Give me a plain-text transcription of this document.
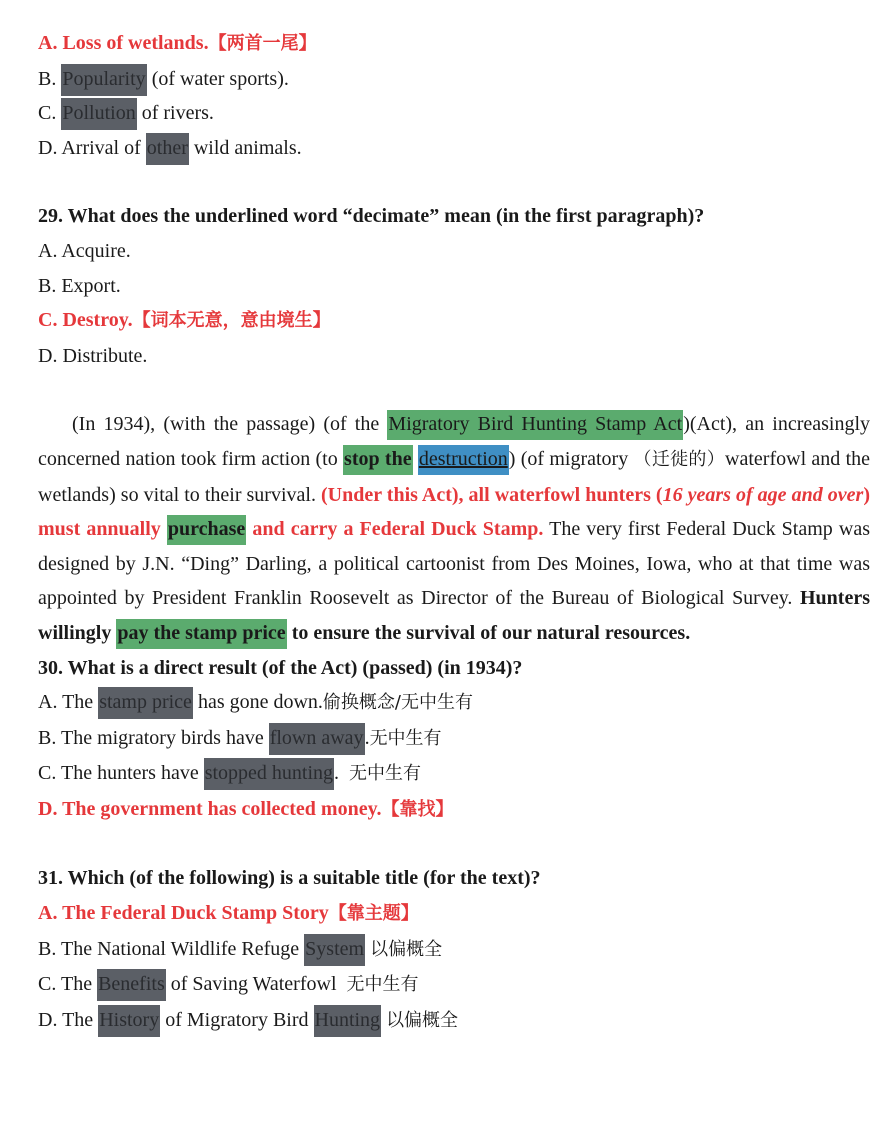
A. Loss of wetlands.【两首一尾】

B. Popularity (of water sports).

C. Pollution of rivers.

D. Arrival of other wild animals.

29. What does the underlined word “decimate” mean (in the first paragraph)?

A. Acquire.

B. Export.

C. Destroy.【词本无意，意由境生】

D. Distribute.

(In 1934), (with the passage) (of the Migratory Bird Hunting Stamp Act)(Act), an increasingly concerned nation took firm action (to stop the destruction) (of migratory （迁徙的）waterfowl and the wetlands) so vital to their survival. (Under this Act), all waterfowl hunters (16 years of age and over) must annually purchase and carry a Federal Duck Stamp. The very first Federal Duck Stamp was designed by J.N. “Ding” Darling, a political cartoonist from Des Moines, Iowa, who at that time was appointed by President Franklin Roosevelt as Director of the Bureau of Biological Survey. Hunters willingly pay the stamp price to ensure the survival of our natural resources.

30. What is a direct result (of the Act) (passed) (in 1934)?

A. The stamp price has gone down.偷换概念/无中生有

B. The migratory birds have flown away.无中生有

C. The hunters have stopped hunting.  无中生有

D. The government has collected money.【靠找】

31. Which (of the following) is a suitable title (for the text)?

A. The Federal Duck Stamp Story【靠主题】

B. The National Wildlife Refuge System 以偏概全

C. The Benefits of Saving Waterfowl  无中生有

D. The History of Migratory Bird Hunting 以偏概全
